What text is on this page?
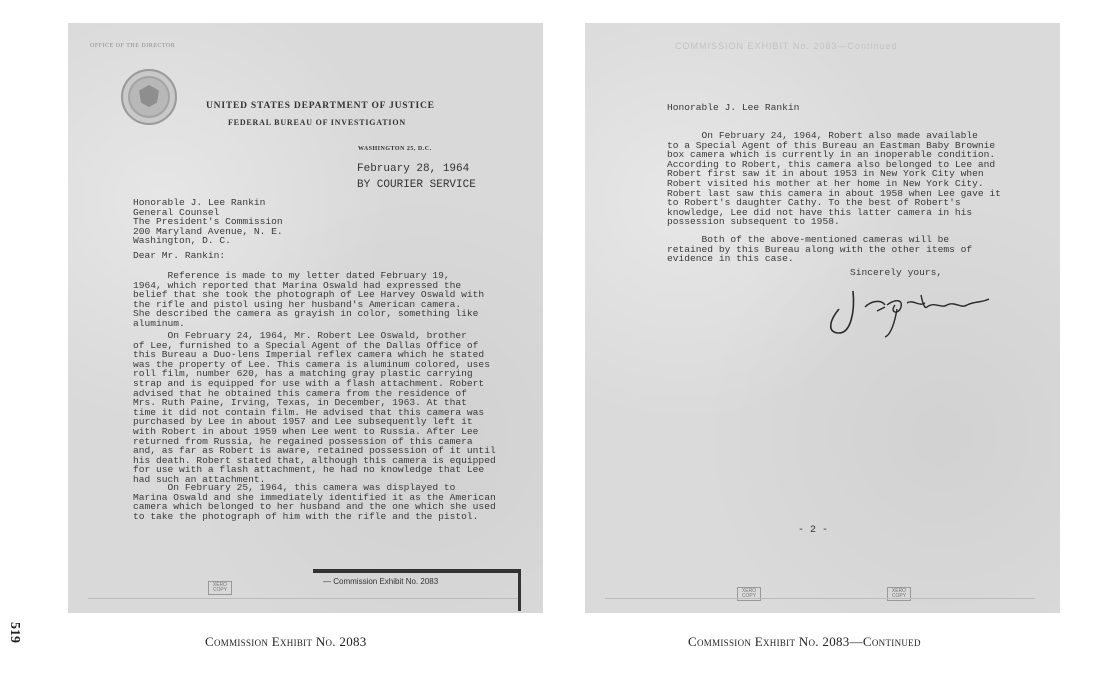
OFFICE OF THE DIRECTOR
UNITED STATES DEPARTMENT OF JUSTICE
FEDERAL BUREAU OF INVESTIGATION
WASHINGTON 25, D.C.
February 28, 1964
BY COURIER SERVICE

Honorable J. Lee Rankin

General Counsel

The President's Commission

200 Maryland Avenue, N. E.

Washington, D. C.

Dear Mr. Rankin:

Reference is made to my letter dated February 19,

1964, which reported that Marina Oswald had expressed the

belief that she took the photograph of Lee Harvey Oswald with

the rifle and pistol using her husband's American camera.

She described the camera as grayish in color, something like

aluminum.

On February 24, 1964, Mr. Robert Lee Oswald, brother

of Lee, furnished to a Special Agent of the Dallas Office of

this Bureau a Duo-lens Imperial reflex camera which he stated

was the property of Lee. This camera is aluminum colored, uses

roll film, number 620, has a matching gray plastic carrying

strap and is equipped for use with a flash attachment. Robert

advised that he obtained this camera from the residence of

Mrs. Ruth Paine, Irving, Texas, in December, 1963. At that

time it did not contain film. He advised that this camera was

purchased by Lee in about 1957 and Lee subsequently left it

with Robert in about 1959 when Lee went to Russia. After Lee

returned from Russia, he regained possession of this camera

and, as far as Robert is aware, retained possession of it until

his death. Robert stated that, although this camera is equipped

for use with a flash attachment, he had no knowledge that Lee

had such an attachment.

On February 25, 1964, this camera was displayed to

Marina Oswald and she immediately identified it as the American

camera which belonged to her husband and the one which she used

to take the photograph of him with the rifle and the pistol.

— Commission Exhibit No. 2083
XERO COPY
COMMISSION EXHIBIT No. 2083—Continued
Honorable J. Lee Rankin

On February 24, 1964, Robert also made available

to a Special Agent of this Bureau an Eastman Baby Brownie

box camera which is currently in an inoperable condition.

According to Robert, this camera also belonged to Lee and

Robert first saw it in about 1953 in New York City when

Robert visited his mother at her home in New York City.

Robert last saw this camera in about 1958 when Lee gave it

to Robert's daughter Cathy. To the best of Robert's

knowledge, Lee did not have this latter camera in his

possession subsequent to 1958.

Both of the above-mentioned cameras will be

retained by this Bureau along with the other items of

evidence in this case.

Sincerely yours,
- 2 -
XERO COPY
XERO COPY
Commission Exhibit No. 2083	Commission Exhibit No. 2083—Continued
519
